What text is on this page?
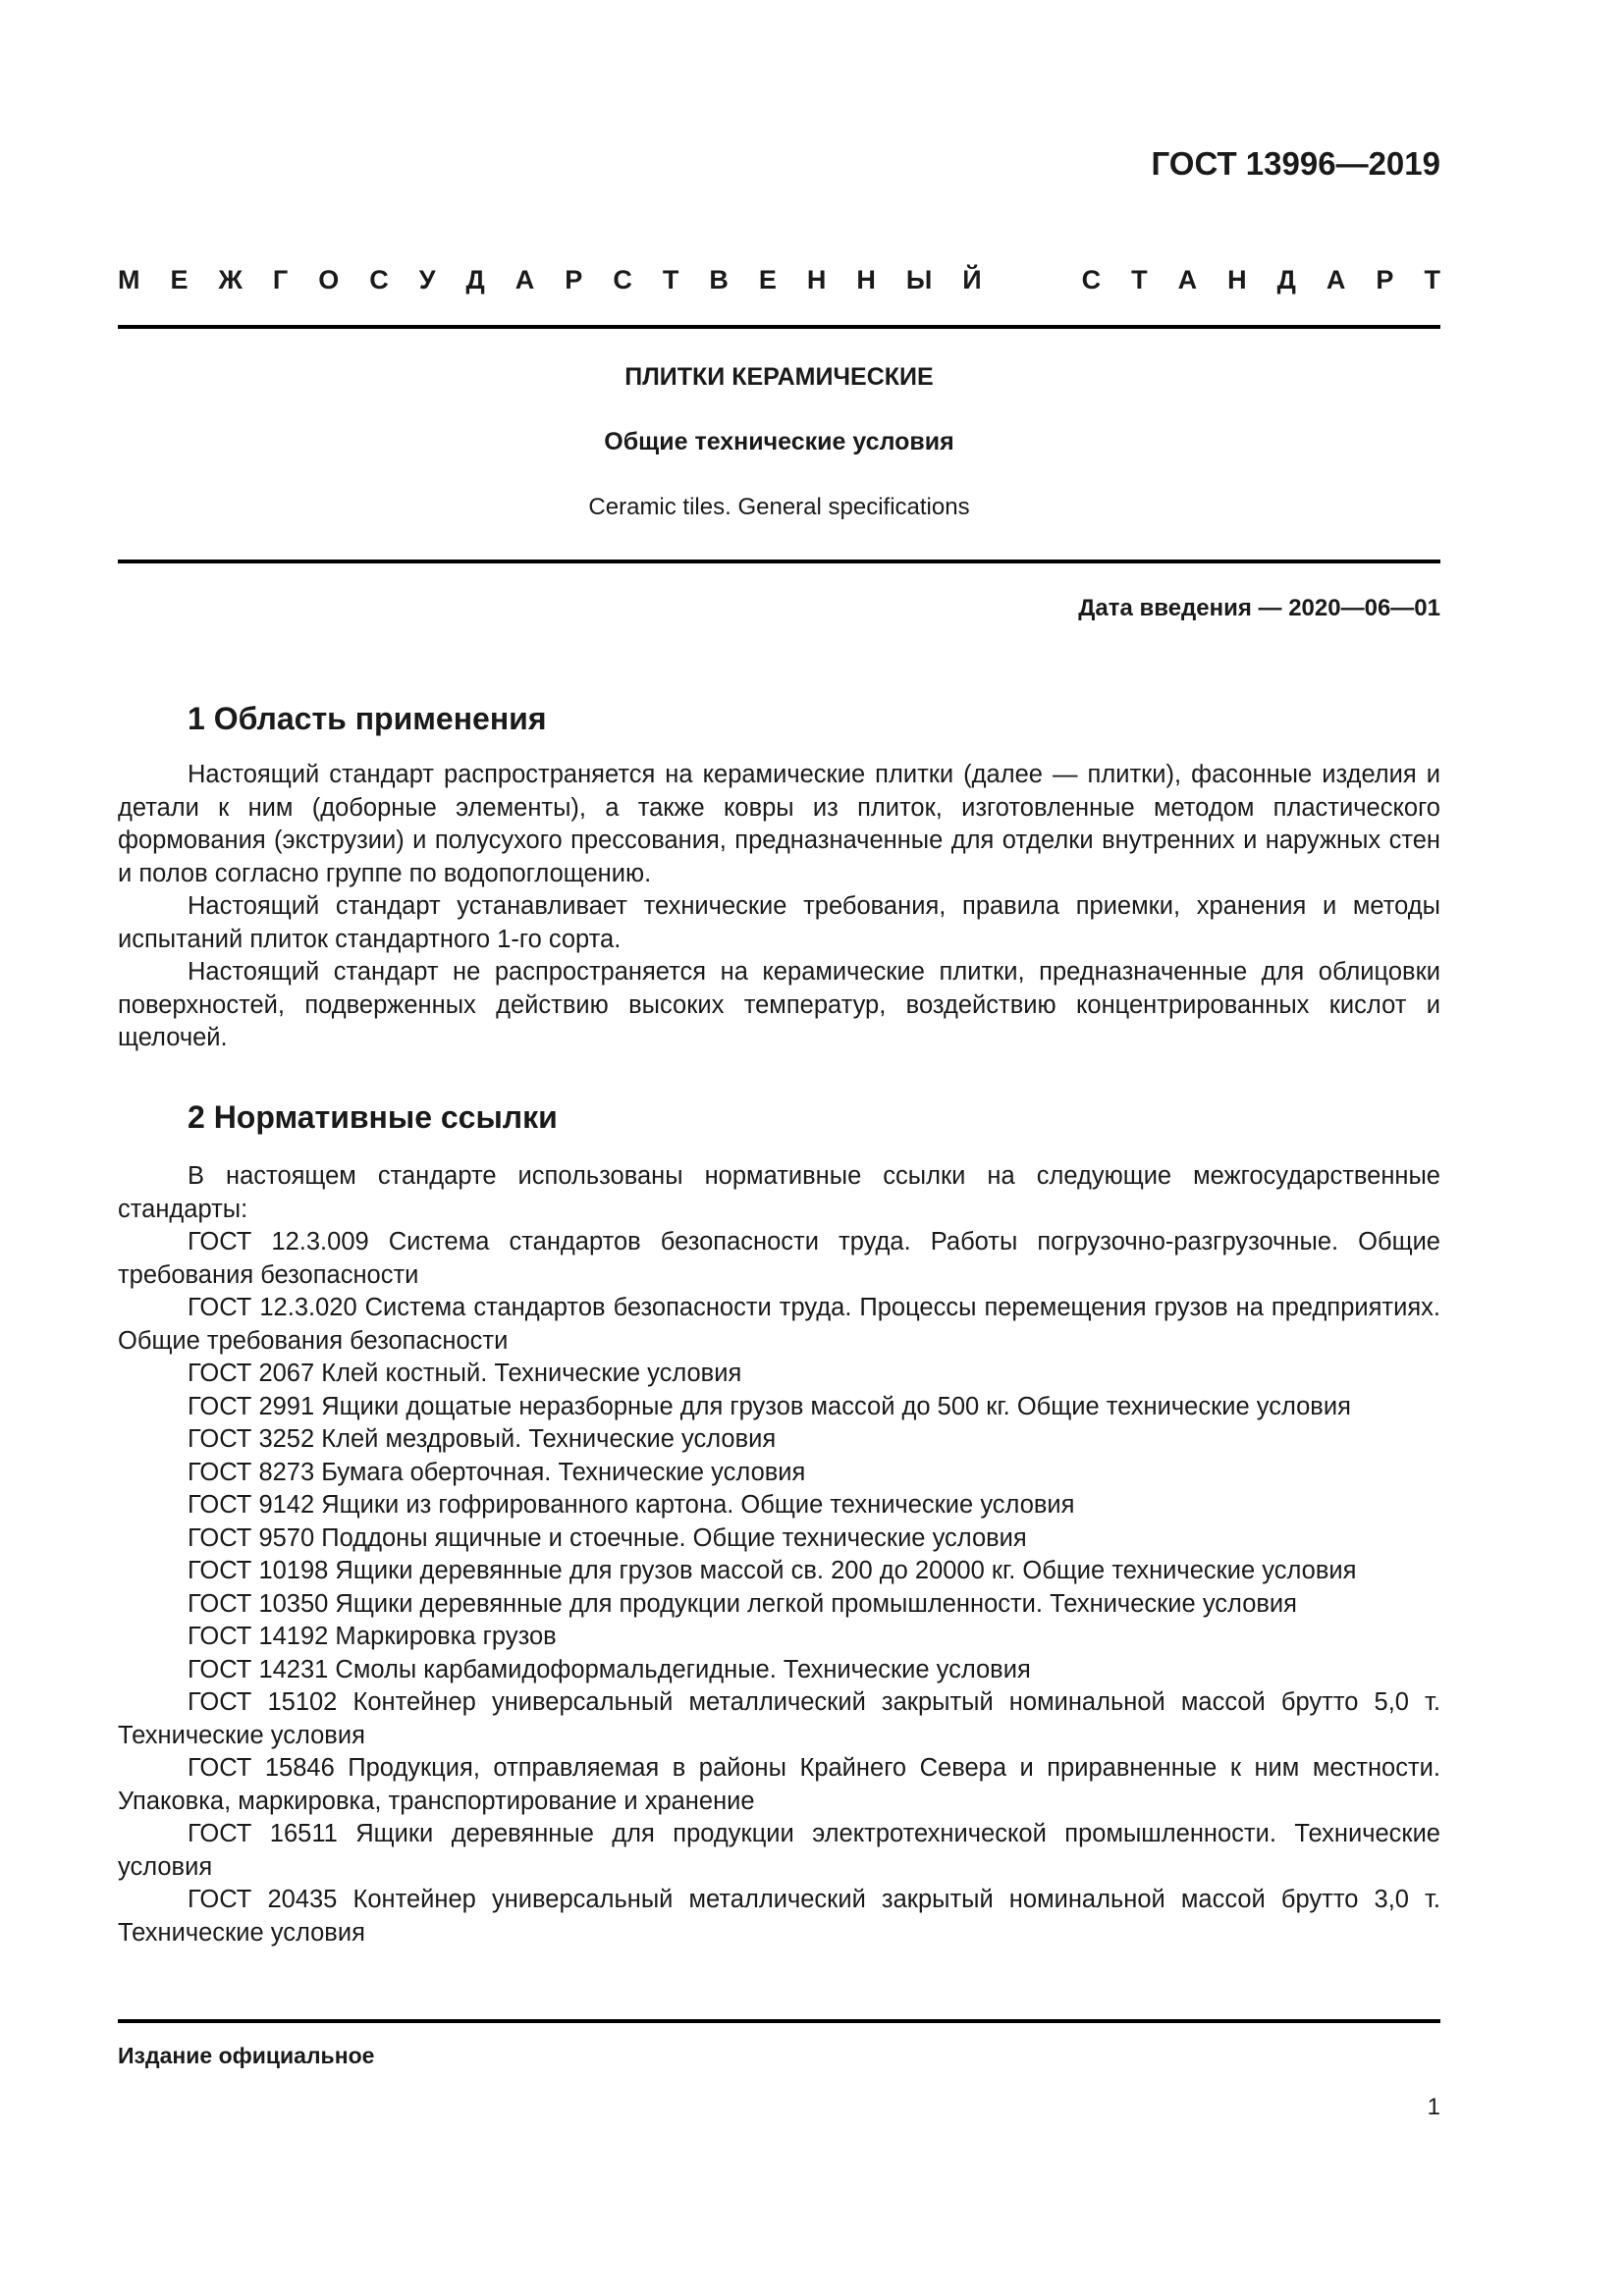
ГОСТ 13996—2019
М Е Ж Г О С У Д А Р С Т В Е Н Н Ы Й	С Т А Н Д А Р Т
ПЛИТКИ КЕРАМИЧЕСКИЕ
Общие технические условия
Ceramic tiles. General specifications
Дата введения — 2020—06—01
1 Область применения

Настоящий стандарт распространяется на керамические плитки (далее — плитки), фасонные изделия и детали к ним (доборные элементы), а также ковры из плиток, изготовленные методом пластического формования (экструзии) и полусухого прессования, предназначенные для отделки внутренних и наружных стен и полов согласно группе по водопоглощению.

Настоящий стандарт устанавливает технические требования, правила приемки, хранения и методы испытаний плиток стандартного 1-го сорта.

Настоящий стандарт не распространяется на керамические плитки, предназначенные для облицовки поверхностей, подверженных действию высоких температур, воздействию концентрированных кислот и щелочей.

2 Нормативные ссылки

В настоящем стандарте использованы нормативные ссылки на следующие межгосударственные стандарты:

ГОСТ 12.3.009 Система стандартов безопасности труда. Работы погрузочно-разгрузочные. Общие требования безопасности

ГОСТ 12.3.020 Система стандартов безопасности труда. Процессы перемещения грузов на предприятиях. Общие требования безопасности

ГОСТ 2067 Клей костный. Технические условия

ГОСТ 2991 Ящики дощатые неразборные для грузов массой до 500 кг. Общие технические условия

ГОСТ 3252 Клей мездровый. Технические условия

ГОСТ 8273 Бумага оберточная. Технические условия

ГОСТ 9142 Ящики из гофрированного картона. Общие технические условия

ГОСТ 9570 Поддоны ящичные и стоечные. Общие технические условия

ГОСТ 10198 Ящики деревянные для грузов массой св. 200 до 20000 кг. Общие технические условия

ГОСТ 10350 Ящики деревянные для продукции легкой промышленности. Технические условия

ГОСТ 14192 Маркировка грузов

ГОСТ 14231 Смолы карбамидоформальдегидные. Технические условия

ГОСТ 15102 Контейнер универсальный металлический закрытый номинальной массой брутто 5,0 т. Технические условия

ГОСТ 15846 Продукция, отправляемая в районы Крайнего Севера и приравненные к ним местности. Упаковка, маркировка, транспортирование и хранение

ГОСТ 16511 Ящики деревянные для продукции электротехнической промышленности. Технические условия

ГОСТ 20435 Контейнер универсальный металлический закрытый номинальной массой брутто 3,0 т. Технические условия

Издание официальное
1
